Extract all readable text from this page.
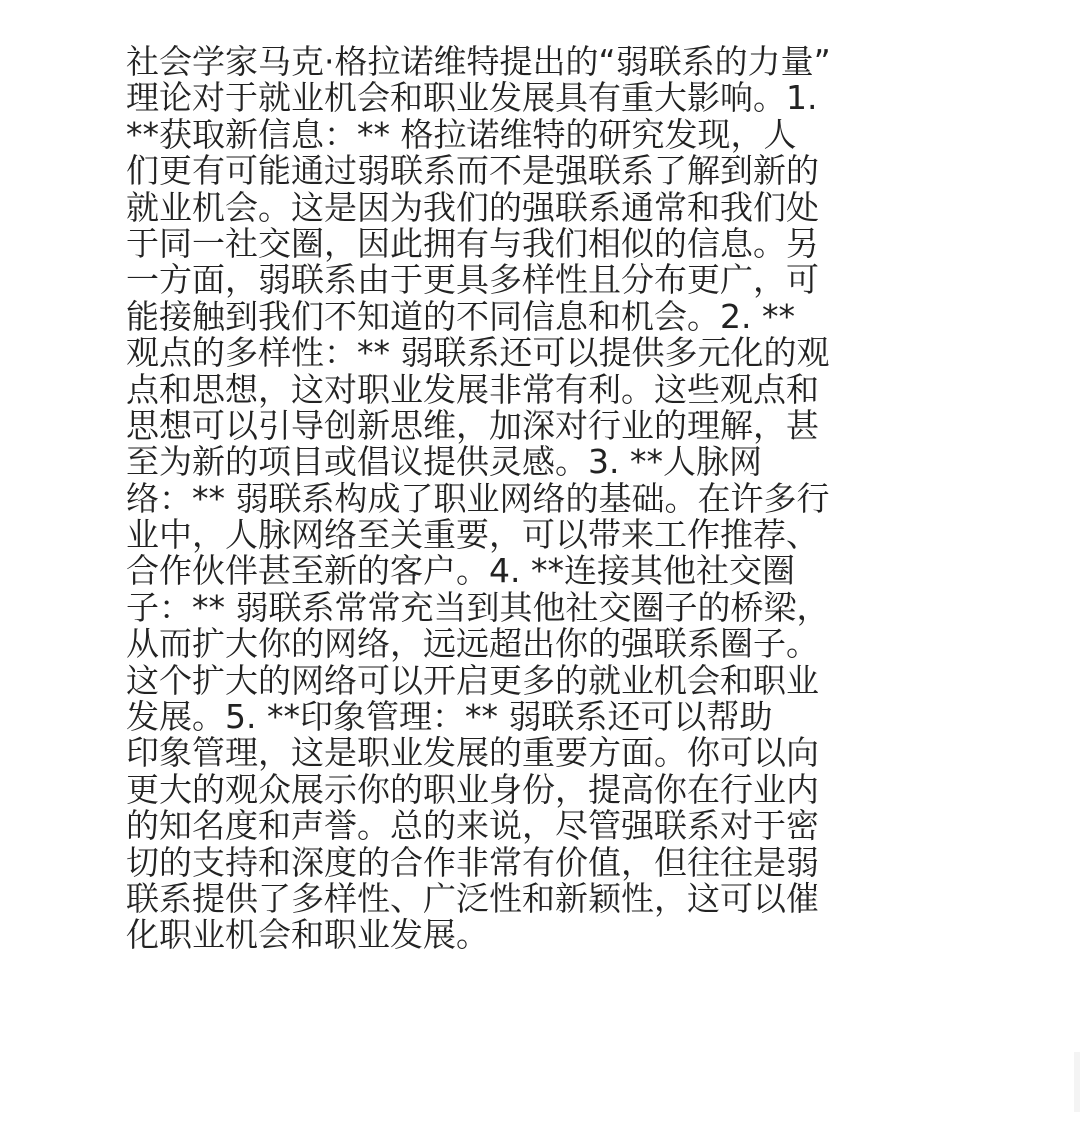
社会学家马克·格拉诺维特提出的“弱联系的力量”
理论对于就业机会和职业发展具有重大影响。1.
**获取新信息：** 格拉诺维特的研究发现，人
们更有可能通过弱联系而不是强联系了解到新的
就业机会。这是因为我们的强联系通常和我们处
于同一社交圈，因此拥有与我们相似的信息。另
一方面，弱联系由于更具多样性且分布更广，可
能接触到我们不知道的不同信息和机会。2. **
观点的多样性：** 弱联系还可以提供多元化的观
点和思想，这对职业发展非常有利。这些观点和
思想可以引导创新思维，加深对行业的理解，甚
至为新的项目或倡议提供灵感。3. **人脉网
络：** 弱联系构成了职业网络的基础。在许多行
业中，人脉网络至关重要，可以带来工作推荐、
合作伙伴甚至新的客户。4. **连接其他社交圈
子：** 弱联系常常充当到其他社交圈子的桥梁，
从而扩大你的网络，远远超出你的强联系圈子。
这个扩大的网络可以开启更多的就业机会和职业
发展。5. **印象管理：** 弱联系还可以帮助
印象管理，这是职业发展的重要方面。你可以向
更大的观众展示你的职业身份，提高你在行业内
的知名度和声誉。总的来说，尽管强联系对于密
切的支持和深度的合作非常有价值，但往往是弱
联系提供了多样性、广泛性和新颖性，这可以催
化职业机会和职业发展。
